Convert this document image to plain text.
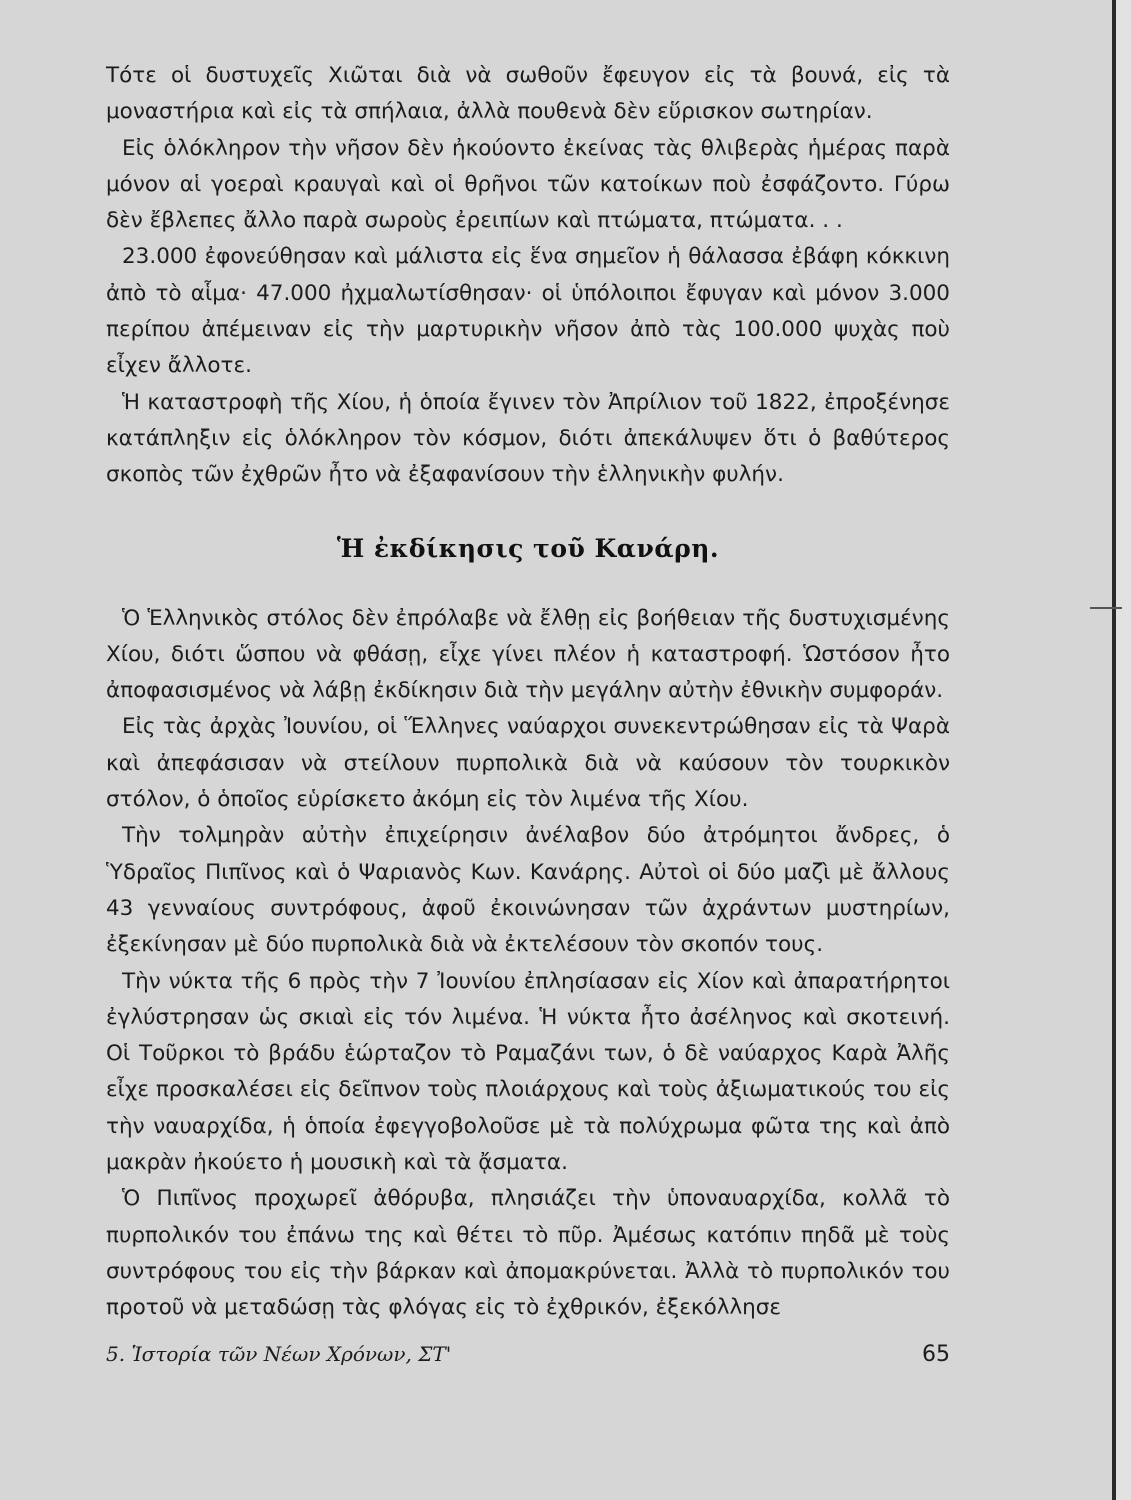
Τότε οἱ δυστυχεῖς Χιῶται διὰ νὰ σωθοῦν ἔφευγον εἰς τὰ βουνά, εἰς τὰ μοναστήρια καὶ εἰς τὰ σπήλαια, ἀλλὰ πουθενὰ δὲν εὕρισκον σωτηρίαν.

Εἰς ὁλόκληρον τὴν νῆσον δὲν ἠκούοντο ἐκείνας τὰς θλιβερὰς ἡμέρας παρὰ μόνον αἱ γοεραὶ κραυγαὶ καὶ οἱ θρῆνοι τῶν κατοίκων ποὺ ἐσφάζοντο. Γύρω δὲν ἔβλεπες ἄλλο παρὰ σωροὺς ἐρειπίων καὶ πτώματα, πτώματα. . .

23.000 ἐφονεύθησαν καὶ μάλιστα εἰς ἕνα σημεῖον ἡ θάλασσα ἐβάφη κόκκινη ἀπὸ τὸ αἷμα· 47.000 ἠχμαλωτίσθησαν· οἱ ὑπόλοιποι ἔφυγαν καὶ μόνον 3.000 περίπου ἀπέμειναν εἰς τὴν μαρτυρικὴν νῆσον ἀπὸ τὰς 100.000 ψυχὰς ποὺ εἶχεν ἄλλοτε.

Ἡ καταστροφὴ τῆς Χίου, ἡ ὁποία ἔγινεν τὸν Ἀπρίλιον τοῦ 1822, ἐπροξένησε κατάπληξιν εἰς ὁλόκληρον τὸν κόσμον, διότι ἀπεκάλυψεν ὅτι ὁ βαθύτερος σκοπὸς τῶν ἐχθρῶν ἦτο νὰ ἐξαφανίσουν τὴν ἑλληνικὴν φυλήν.

Ἡ ἐκδίκησις τοῦ Κανάρη.

Ὁ Ἑλληνικὸς στόλος δὲν ἐπρόλαβε νὰ ἔλθῃ εἰς βοήθειαν τῆς δυστυχισμένης Χίου, διότι ὥσπου νὰ φθάσῃ, εἶχε γίνει πλέον ἡ καταστροφή. Ὡστόσον ἦτο ἀποφασισμένος νὰ λάβῃ ἐκδίκησιν διὰ τὴν μεγάλην αὐτὴν ἐθνικὴν συμφοράν.

Εἰς τὰς ἀρχὰς Ἰουνίου, οἱ Ἕλληνες ναύαρχοι συνεκεντρώθησαν εἰς τὰ Ψαρὰ καὶ ἀπεφάσισαν νὰ στείλουν πυρπολικὰ διὰ νὰ καύσουν τὸν τουρκικὸν στόλον, ὁ ὁποῖος εὑρίσκετο ἀκόμη εἰς τὸν λιμένα τῆς Χίου.

Τὴν τολμηρὰν αὐτὴν ἐπιχείρησιν ἀνέλαβον δύο ἀτρόμητοι ἄνδρες, ὁ Ὑδραῖος Πιπῖνος καὶ ὁ Ψαριανὸς Κων. Κανάρης. Αὐτοὶ οἱ δύο μαζὶ μὲ ἄλλους 43 γενναίους συντρόφους, ἀφοῦ ἐκοινώνησαν τῶν ἀχράντων μυστηρίων, ἐξεκίνησαν μὲ δύο πυρπολικὰ διὰ νὰ ἐκτελέσουν τὸν σκοπόν τους.

Τὴν νύκτα τῆς 6 πρὸς τὴν 7 Ἰουνίου ἐπλησίασαν εἰς Χίον καὶ ἀπαρατήρητοι ἐγλύστρησαν ὡς σκιαὶ εἰς τόν λιμένα. Ἡ νύκτα ἦτο ἀσέληνος καὶ σκοτεινή. Οἱ Τοῦρκοι τὸ βράδυ ἑώρταζον τὸ Ραμαζάνι των, ὁ δὲ ναύαρχος Καρὰ Ἀλῆς εἶχε προσκαλέσει εἰς δεῖπνον τοὺς πλοιάρχους καὶ τοὺς ἀξιωματικούς του εἰς τὴν ναυαρχίδα, ἡ ὁποία ἐφεγγοβολοῦσε μὲ τὰ πολύχρωμα φῶτα της καὶ ἀπὸ μακρὰν ἠκούετο ἡ μουσικὴ καὶ τὰ ᾄσματα.

Ὁ Πιπῖνος προχωρεῖ ἀθόρυβα, πλησιάζει τὴν ὑποναυαρχίδα, κολλᾶ τὸ πυρπολικόν του ἐπάνω της καὶ θέτει τὸ πῦρ. Ἀμέσως κατόπιν πηδᾶ μὲ τοὺς συντρόφους του εἰς τὴν βάρκαν καὶ ἀπομακρύνεται. Ἀλλὰ τὸ πυρπολικόν του προτοῦ νὰ μεταδώσῃ τὰς φλόγας εἰς τὸ ἐχθρικόν, ἐξεκόλλησε

5. Ἱστορία τῶν Νέων Χρόνων, ΣΤ'	65
